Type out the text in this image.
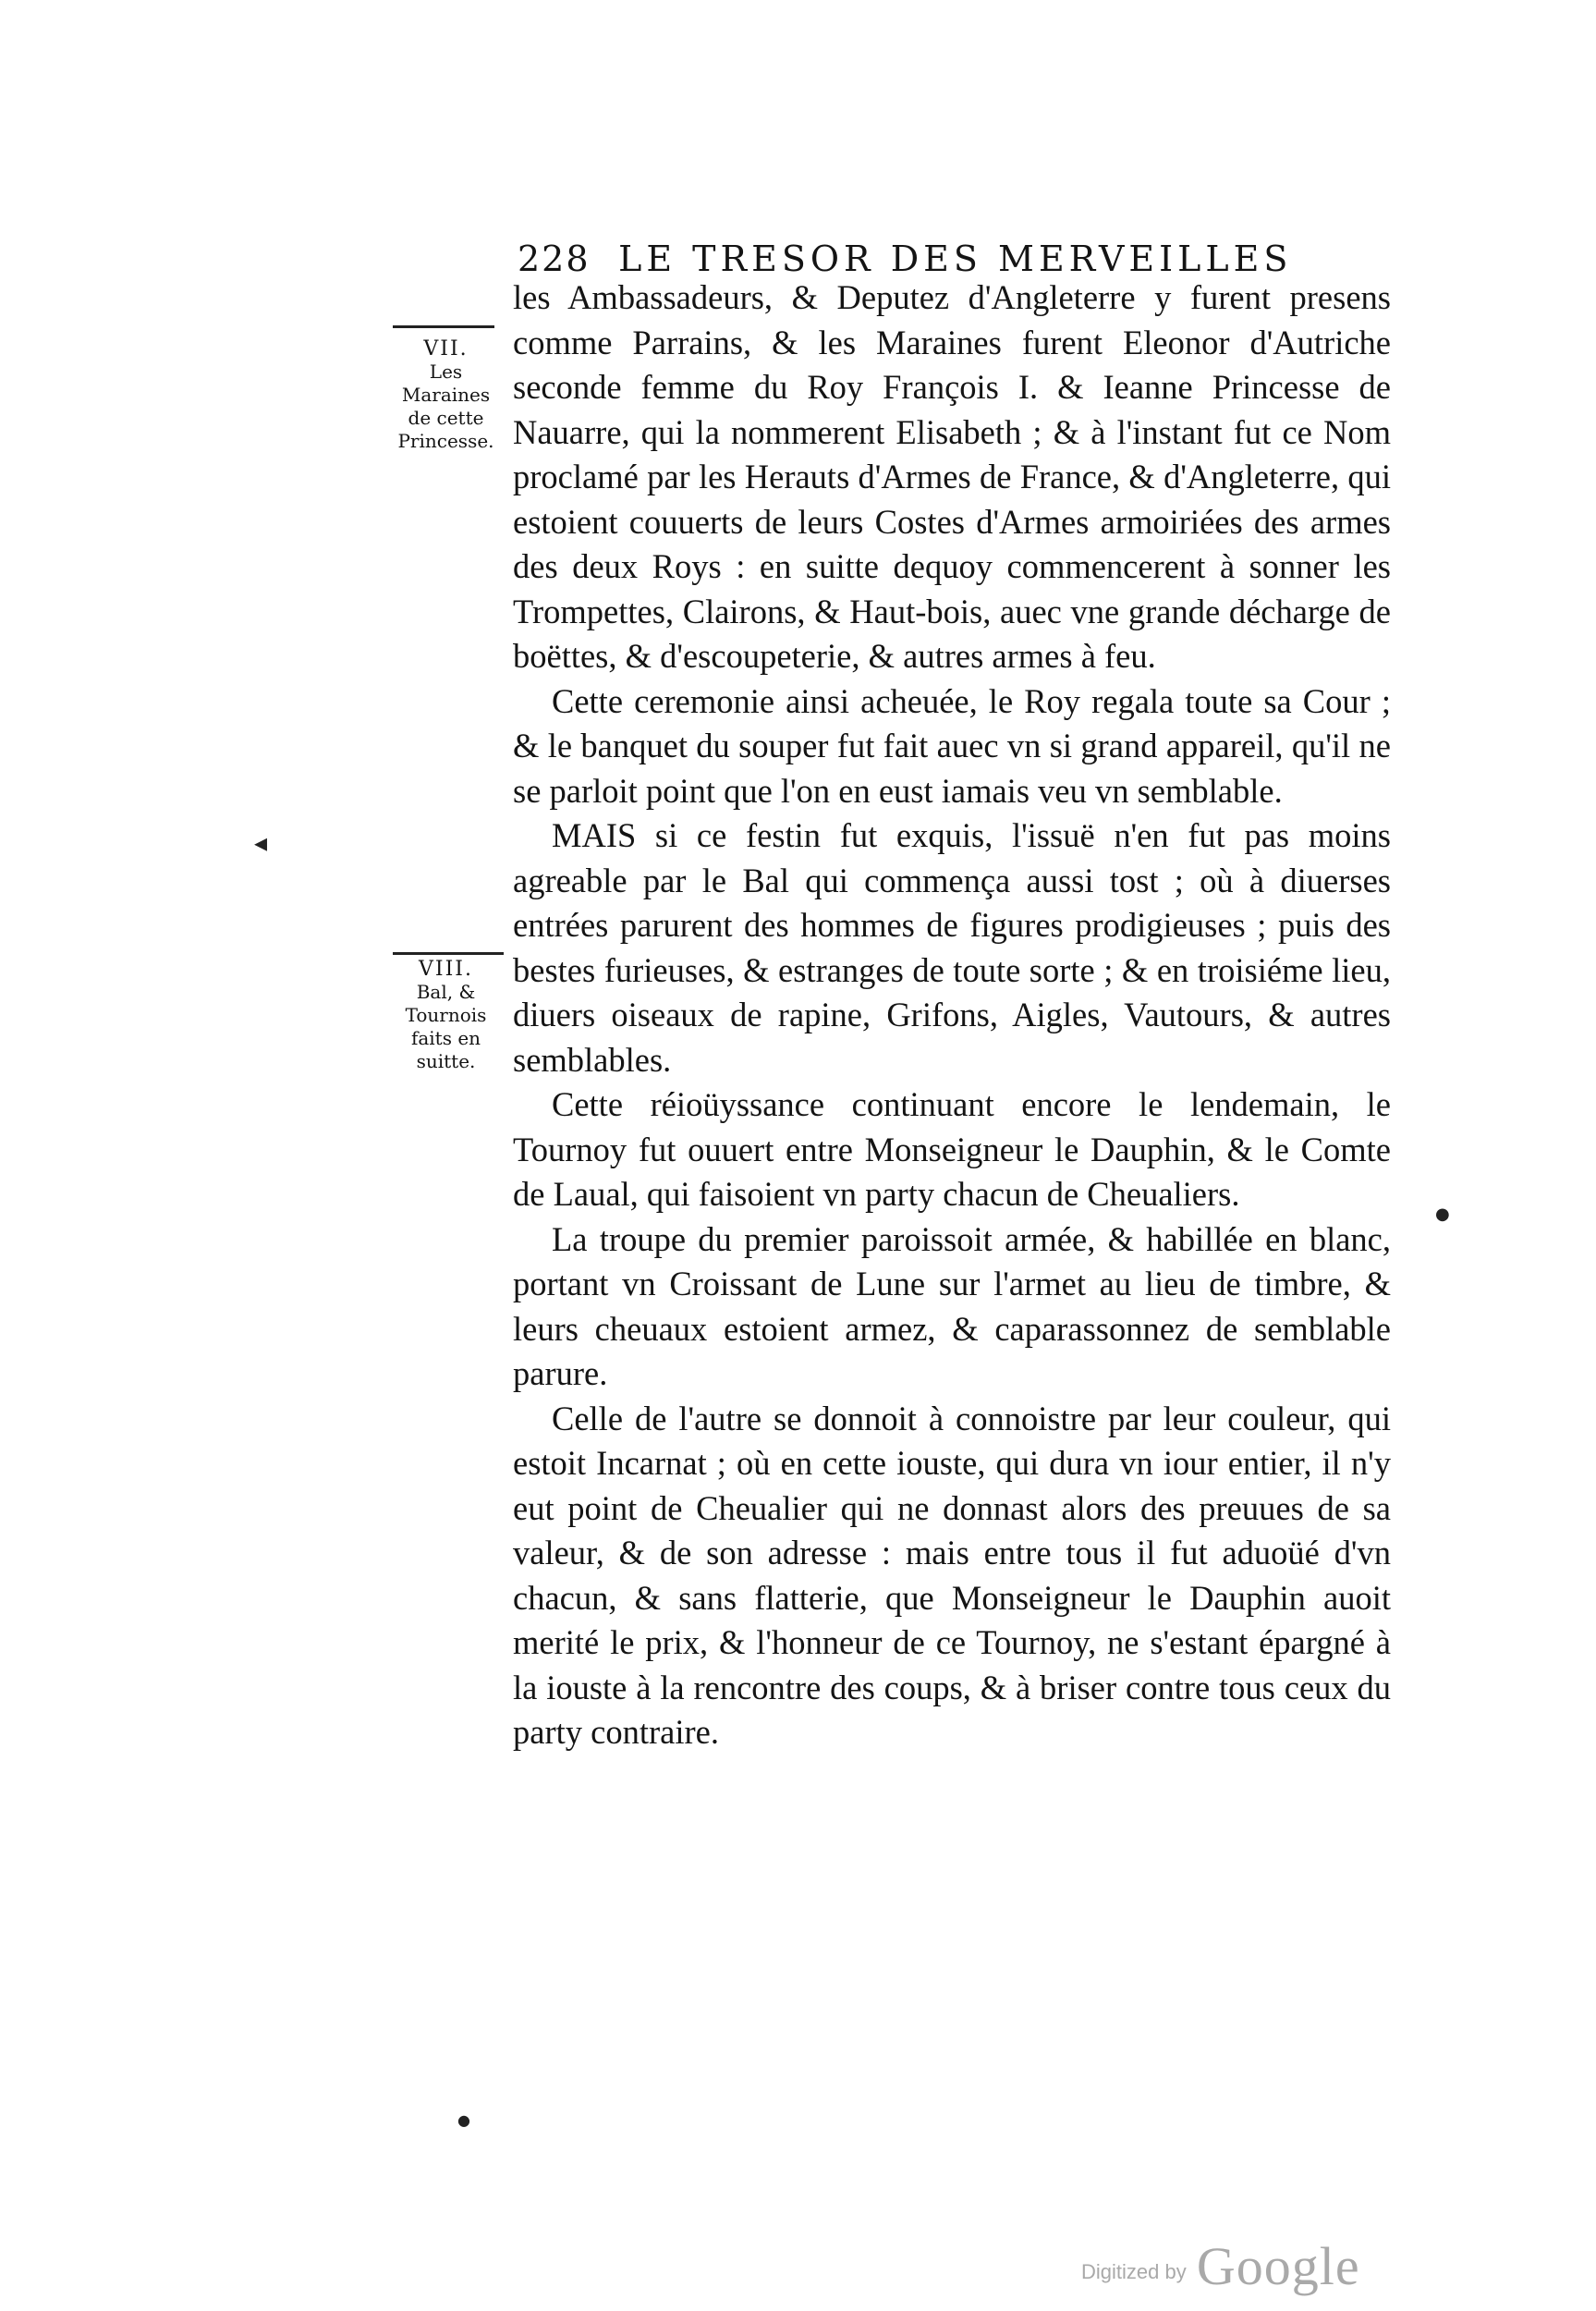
228 LE TRESOR DES MERVEILLES
VII.
Les Maraines de cette Princesse.
VIII.
Bal, & Tournois faits en suitte.

les Ambassadeurs, & Deputez d'Angleterre y furent presens comme Parrains, & les Maraines furent Eleonor d'Autriche seconde femme du Roy François I. & Ieanne Princesse de Nauarre, qui la nommerent Elisabeth ; & à l'instant fut ce Nom proclamé par les Herauts d'Armes de France, & d'Angleterre, qui estoient couuerts de leurs Costes d'Armes armoiriées des armes des deux Roys : en suitte dequoy commencerent à sonner les Trompettes, Clairons, & Haut-bois, auec vne grande décharge de boëttes, & d'escoupeterie, & autres armes à feu.

Cette ceremonie ainsi acheuée, le Roy regala toute sa Cour ; & le banquet du souper fut fait auec vn si grand appareil, qu'il ne se parloit point que l'on en eust iamais veu vn semblable.

MAIS si ce festin fut exquis, l'issuë n'en fut pas moins agreable par le Bal qui commença aussi tost ; où à diuerses entrées parurent des hommes de figures prodigieuses ; puis des bestes furieuses, & estranges de toute sorte ; & en troisiéme lieu, diuers oiseaux de rapine, Grifons, Aigles, Vautours, & autres semblables.

Cette réioüyssance continuant encore le lendemain, le Tournoy fut ouuert entre Monseigneur le Dauphin, & le Comte de Laual, qui faisoient vn party chacun de Cheualiers.

La troupe du premier paroissoit armée, & habillée en blanc, portant vn Croissant de Lune sur l'armet au lieu de timbre, & leurs cheuaux estoient armez, & caparassonnez de semblable parure.

Celle de l'autre se donnoit à connoistre par leur couleur, qui estoit Incarnat ; où en cette iouste, qui dura vn iour entier, il n'y eut point de Cheualier qui ne donnast alors des preuues de sa valeur, & de son adresse : mais entre tous il fut aduoüé d'vn chacun, & sans flatterie, que Monseigneur le Dauphin auoit merité le prix, & l'honneur de ce Tournoy, ne s'estant épargné à la iouste à la rencontre des coups, & à briser contre tous ceux du party contraire.

◂
●
●
Digitized by Google
